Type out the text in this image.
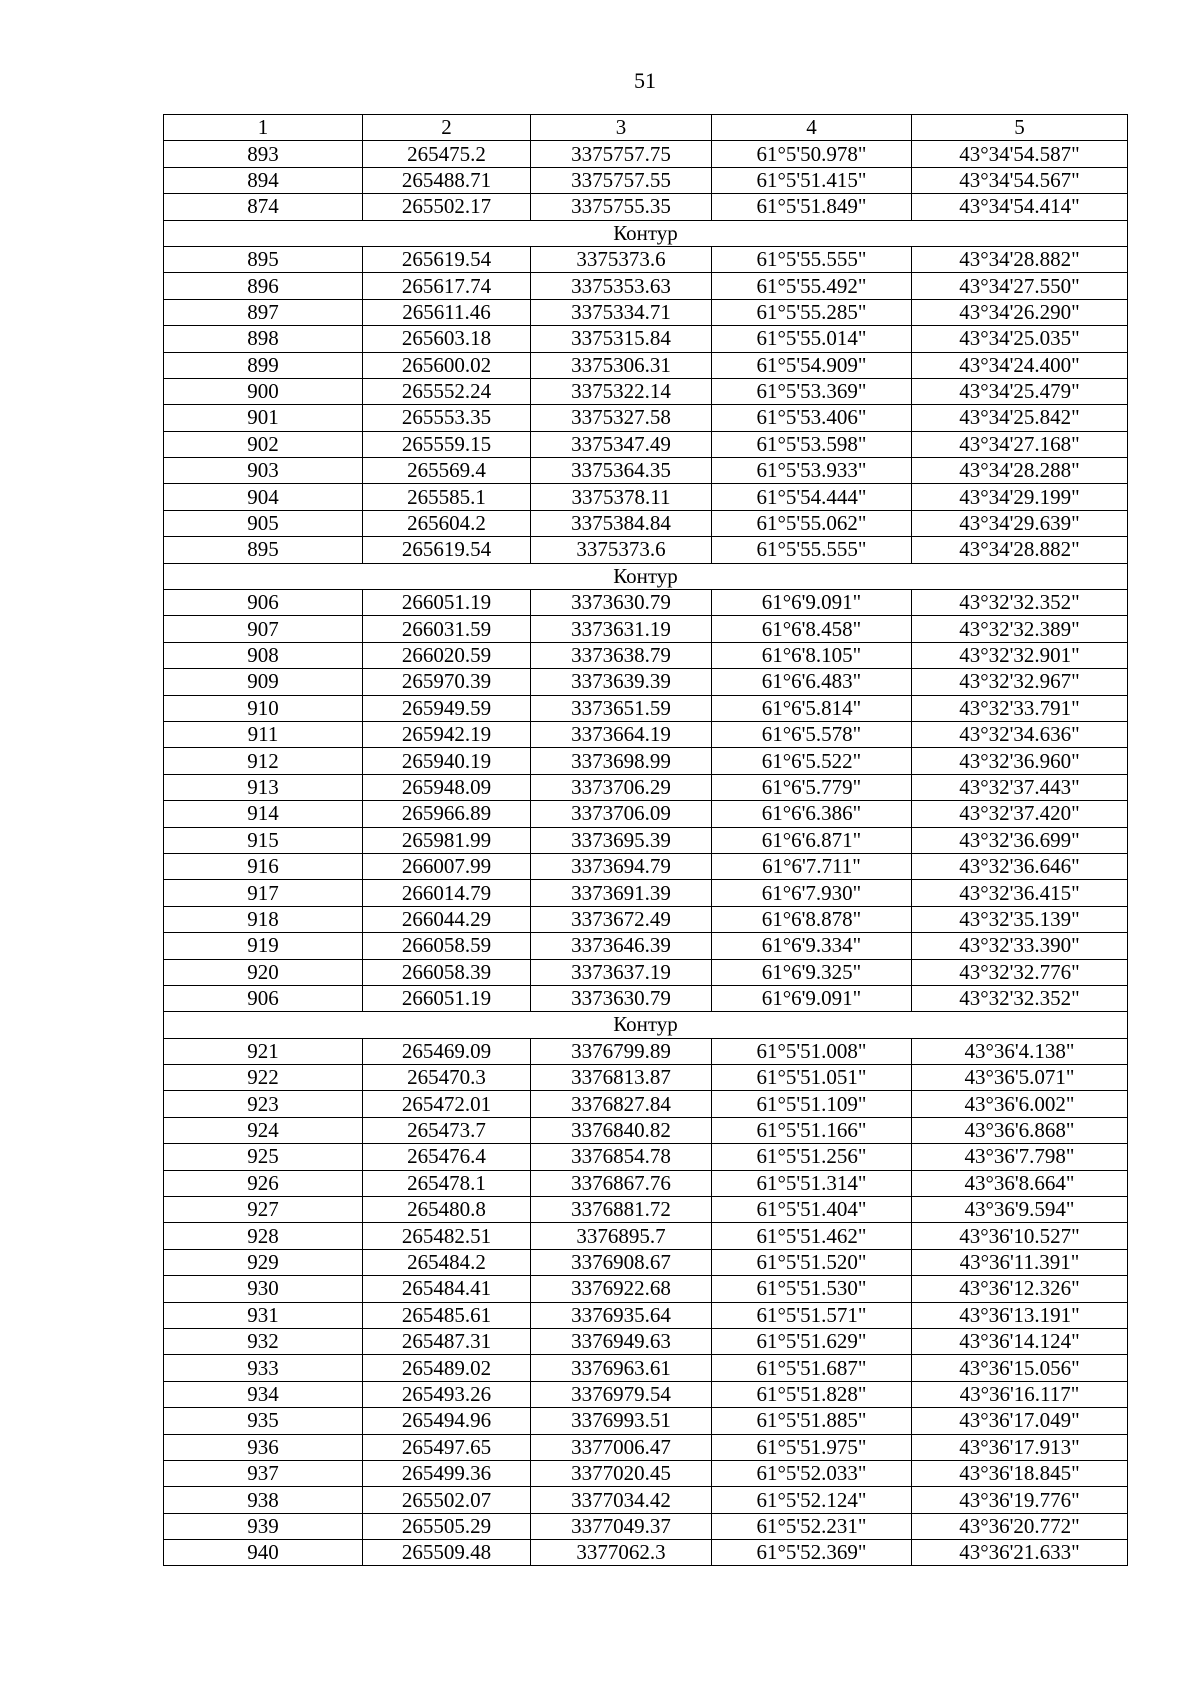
51
1	2	3	4	5
893	265475.2	3375757.75	61°5'50.978"	43°34'54.587"
894	265488.71	3375757.55	61°5'51.415"	43°34'54.567"
874	265502.17	3375755.35	61°5'51.849"	43°34'54.414"
Контур				
895	265619.54	3375373.6	61°5'55.555"	43°34'28.882"
896	265617.74	3375353.63	61°5'55.492"	43°34'27.550"
897	265611.46	3375334.71	61°5'55.285"	43°34'26.290"
898	265603.18	3375315.84	61°5'55.014"	43°34'25.035"
899	265600.02	3375306.31	61°5'54.909"	43°34'24.400"
900	265552.24	3375322.14	61°5'53.369"	43°34'25.479"
901	265553.35	3375327.58	61°5'53.406"	43°34'25.842"
902	265559.15	3375347.49	61°5'53.598"	43°34'27.168"
903	265569.4	3375364.35	61°5'53.933"	43°34'28.288"
904	265585.1	3375378.11	61°5'54.444"	43°34'29.199"
905	265604.2	3375384.84	61°5'55.062"	43°34'29.639"
895	265619.54	3375373.6	61°5'55.555"	43°34'28.882"
Контур				
906	266051.19	3373630.79	61°6'9.091"	43°32'32.352"
907	266031.59	3373631.19	61°6'8.458"	43°32'32.389"
908	266020.59	3373638.79	61°6'8.105"	43°32'32.901"
909	265970.39	3373639.39	61°6'6.483"	43°32'32.967"
910	265949.59	3373651.59	61°6'5.814"	43°32'33.791"
911	265942.19	3373664.19	61°6'5.578"	43°32'34.636"
912	265940.19	3373698.99	61°6'5.522"	43°32'36.960"
913	265948.09	3373706.29	61°6'5.779"	43°32'37.443"
914	265966.89	3373706.09	61°6'6.386"	43°32'37.420"
915	265981.99	3373695.39	61°6'6.871"	43°32'36.699"
916	266007.99	3373694.79	61°6'7.711"	43°32'36.646"
917	266014.79	3373691.39	61°6'7.930"	43°32'36.415"
918	266044.29	3373672.49	61°6'8.878"	43°32'35.139"
919	266058.59	3373646.39	61°6'9.334"	43°32'33.390"
920	266058.39	3373637.19	61°6'9.325"	43°32'32.776"
906	266051.19	3373630.79	61°6'9.091"	43°32'32.352"
Контур				
921	265469.09	3376799.89	61°5'51.008"	43°36'4.138"
922	265470.3	3376813.87	61°5'51.051"	43°36'5.071"
923	265472.01	3376827.84	61°5'51.109"	43°36'6.002"
924	265473.7	3376840.82	61°5'51.166"	43°36'6.868"
925	265476.4	3376854.78	61°5'51.256"	43°36'7.798"
926	265478.1	3376867.76	61°5'51.314"	43°36'8.664"
927	265480.8	3376881.72	61°5'51.404"	43°36'9.594"
928	265482.51	3376895.7	61°5'51.462"	43°36'10.527"
929	265484.2	3376908.67	61°5'51.520"	43°36'11.391"
930	265484.41	3376922.68	61°5'51.530"	43°36'12.326"
931	265485.61	3376935.64	61°5'51.571"	43°36'13.191"
932	265487.31	3376949.63	61°5'51.629"	43°36'14.124"
933	265489.02	3376963.61	61°5'51.687"	43°36'15.056"
934	265493.26	3376979.54	61°5'51.828"	43°36'16.117"
935	265494.96	3376993.51	61°5'51.885"	43°36'17.049"
936	265497.65	3377006.47	61°5'51.975"	43°36'17.913"
937	265499.36	3377020.45	61°5'52.033"	43°36'18.845"
938	265502.07	3377034.42	61°5'52.124"	43°36'19.776"
939	265505.29	3377049.37	61°5'52.231"	43°36'20.772"
940	265509.48	3377062.3	61°5'52.369"	43°36'21.633"
